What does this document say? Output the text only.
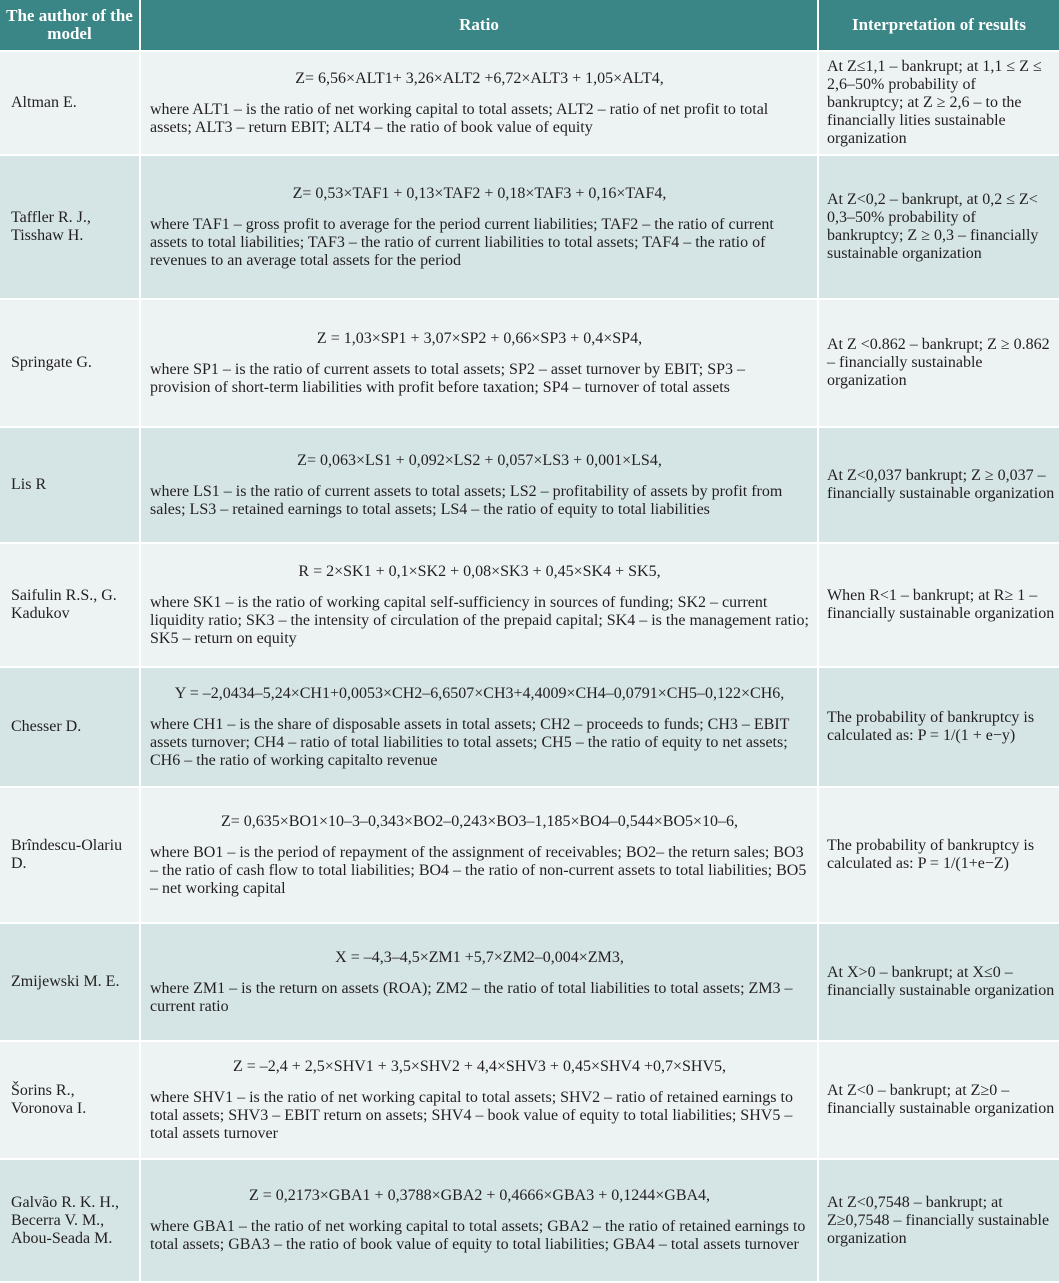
The author of the model	Ratio	Interpretation of results
Altman E.	Z= 6,56×ALT1+ 3,26×ALT2 +6,72×ALT3 + 1,05×ALT4,

where ALT1 – is the ratio of net working capital to total assets; ALT2 – ratio of net profit to total assets; ALT3 – return EBIT; ALT4 – the ratio of book value of equity	At Z≤1,1 – bankrupt; at 1,1 ≤ Z ≤ 2,6–50% probability of bankruptcy; at Z ≥ 2,6 – to the financially lities sustainable organization
Taffler R. J., Tisshaw H.	Z= 0,53×TAF1 + 0,13×TAF2 + 0,18×TAF3 + 0,16×TAF4,

where TAF1 – gross profit to average for the period current liabilities; TAF2 – the ratio of current assets to total liabilities; TAF3 – the ratio of current liabilities to total assets; TAF4 – the ratio of revenues to an average total assets for the period	At Z<0,2 – bankrupt, at 0,2 ≤ Z< 0,3–50% probability of bankruptcy; Z ≥ 0,3 – financially sustainable organization
Springate G.	Z = 1,03×SP1 + 3,07×SP2 + 0,66×SP3 + 0,4×SP4,

where SP1 – is the ratio of current assets to total assets; SP2 – asset turnover by EBIT; SP3 – provision of short-term liabilities with profit before taxation; SP4 – turnover of total assets	At Z <0.862 – bankrupt; Z ≥ 0.862 – financially sustainable organization
Lis R	Z= 0,063×LS1 + 0,092×LS2 + 0,057×LS3 + 0,001×LS4,

where LS1 – is the ratio of current assets to total assets; LS2 – profitability of assets by profit from sales; LS3 – retained earnings to total assets; LS4 – the ratio of equity to total liabilities	At Z<0,037 bankrupt; Z ≥ 0,037 – financially sustainable organization
Saifulin R.S., G. Kadukov	R = 2×SK1 + 0,1×SK2 + 0,08×SK3 + 0,45×SK4 + SK5,

where SK1 – is the ratio of working capital self-sufficiency in sources of funding; SK2 – current liquidity ratio; SK3 – the intensity of circulation of the prepaid capital; SK4 – is the management ratio; SK5 – return on equity	When R<1 – bankrupt; at R≥ 1 – financially sustainable organization
Chesser D.	Y = –2,0434–5,24×CH1+0,0053×CH2–6,6507×CH3+4,4009×CH4–0,0791×CH5–0,122×CH6,

where CH1 – is the share of disposable assets in total assets; CH2 – proceeds to funds; CH3 – EBIT assets turnover; CH4 – ratio of total liabilities to total assets; CH5 – the ratio of equity to net assets; CH6 – the ratio of working capitalto revenue	The probability of bankruptcy is calculated as: P = 1/(1 + e−y)
Brîndescu-Olariu D.	Z= 0,635×BO1×10–3–0,343×BO2–0,243×BO3–1,185×BO4–0,544×BO5×10–6,

where BO1 – is the period of repayment of the assignment of receivables; BO2– the return sales; BO3 – the ratio of cash flow to total liabilities; BO4 – the ratio of non-current assets to total liabilities; BO5 – net working capital	The probability of bankruptcy is calculated as: P = 1/(1+e−Z)
Zmijewski M. E.	X = –4,3–4,5×ZM1 +5,7×ZM2–0,004×ZM3,

where ZM1 – is the return on assets (ROA); ZM2 – the ratio of total liabilities to total assets; ZM3 – current ratio	At X>0 – bankrupt; at X≤0 – financially sustainable organization
Šorins R., Voronova I.	Z = –2,4 + 2,5×SHV1 + 3,5×SHV2 + 4,4×SHV3 + 0,45×SHV4 +0,7×SHV5,

where SHV1 – is the ratio of net working capital to total assets; SHV2 – ratio of retained earnings to total assets; SHV3 – EBIT return on assets; SHV4 – book value of equity to total liabilities; SHV5 – total assets turnover	At Z<0 – bankrupt; at Z≥0 – financially sustainable organization
Galvão R. K. H., Becerra V. M., Abou-Seada M.	Z = 0,2173×GBA1 + 0,3788×GBA2 + 0,4666×GBA3 + 0,1244×GBA4,

where GBA1 – the ratio of net working capital to total assets; GBA2 – the ratio of retained earnings to total assets; GBA3 – the ratio of book value of equity to total liabilities; GBA4 – total assets turnover	At Z<0,7548 – bankrupt; at Z≥0,7548 – financially sustainable organization
